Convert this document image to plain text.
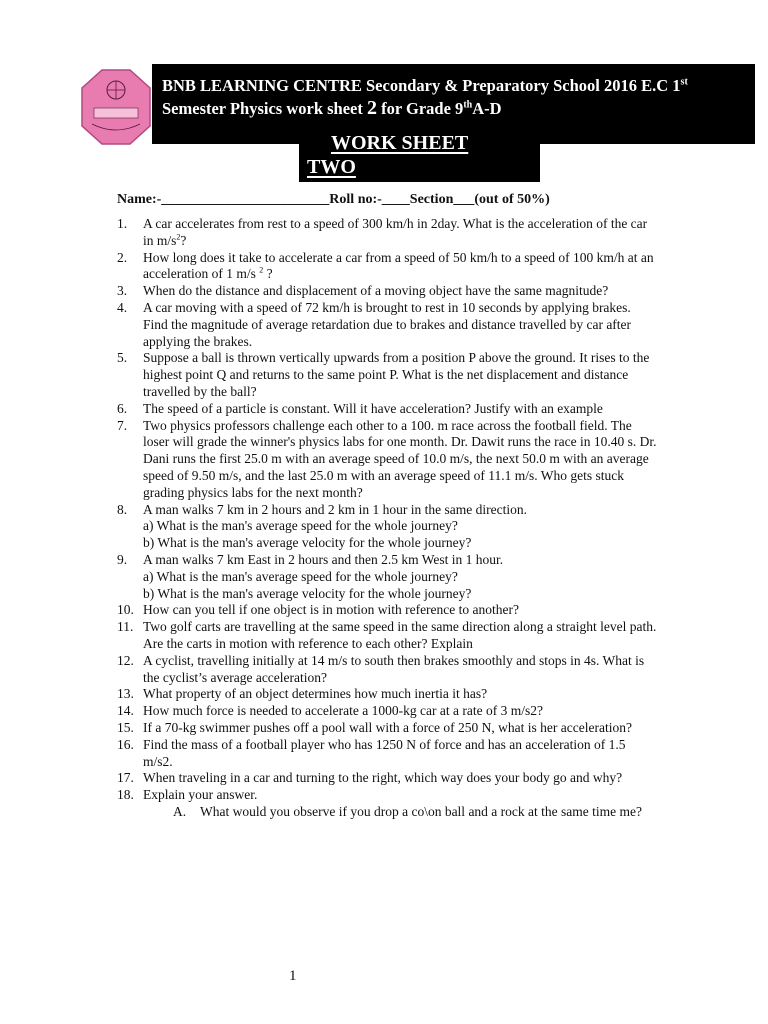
BNB LEARNING CENTRE Secondary & Preparatory School 2016 E.C 1st
Semester Physics work sheet 2 for Grade 9thA-D
WORK SHEET
TWO
Name:-________________________Roll no:-____Section___(out of 50%)
1.	A car accelerates from rest to a speed of 300 km/h in 2day. What is the acceleration of the car in $m/s^2$?
2.	How long does it take to accelerate a car from a speed of 50 km/h to a speed of 100 km/h at an acceleration of 1 m/s $^2$ ?
3.	When do the distance and displacement of a moving object have the same magnitude?
4.	A car moving with a speed of 72 km/h is brought to rest in 10 seconds by applying brakes. Find the magnitude of average retardation due to brakes and distance travelled by car after applying the brakes.
5.	Suppose a ball is thrown vertically upwards from a position P above the ground. It rises to the highest point Q and returns to the same point P. What is the net displacement and distance travelled by the ball?
6.	The speed of a particle is constant. Will it have acceleration? Justify with an example
7.	Two physics professors challenge each other to a 100. m race across the football field. The loser will grade the winner's physics labs for one month. Dr. Dawit runs the race in 10.40 s. Dr. Dani runs the first 25.0 m with an average speed of 10.0 m/s, the next 50.0 m with an average speed of 9.50 m/s, and the last 25.0 m with an average speed of 11.1 m/s. Who gets stuck grading physics labs for the next month?
8.	A man walks 7 km in 2 hours and 2 km in 1 hour in the same direction.
a) What is the man's average speed for the whole journey?
b) What is the man's average velocity for the whole journey?
9.	A man walks 7 km East in 2 hours and then 2.5 km West in 1 hour.
a) What is the man's average speed for the whole journey?
b) What is the man's average velocity for the whole journey?
10. How can you tell if one object is in motion with reference to another?
11. Two golf carts are travelling at the same speed in the same direction along a straight level path. Are the carts in motion with reference to each other? Explain
12. A cyclist, travelling initially at 14 m/s to south then brakes smoothly and stops in 4s. What is the cyclist’s average acceleration?
13. What property of an object determines how much inertia it has?
14. How much force is needed to accelerate a 1000-kg car at a rate of 3 m/s2?
15. If a 70-kg swimmer pushes off a pool wall with a force of 250 N, what is her acceleration?
16. Find the mass of a football player who has 1250 N of force and has an acceleration of 1.5 m/s2.
17. When traveling in a car and turning to the right, which way does your body go and why?
18. Explain your answer.
A.	What would you observe if you drop a co\on ball and a rock at the same time me?
1
